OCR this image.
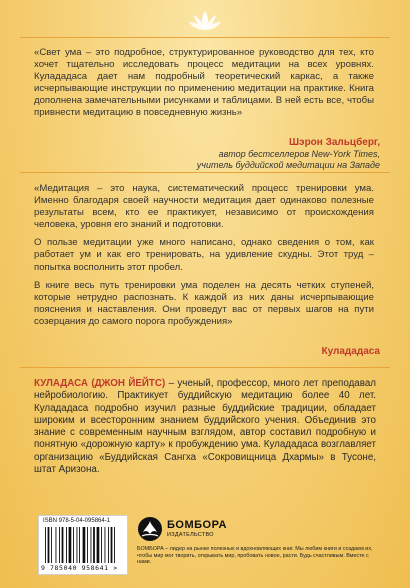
«Свет ума – это подробное, структурированное руководство для тех, кто хочет тщательно исследовать процесс медитации на всех уровнях. Кулададаса дает нам подробный теоретический каркас, а также исчерпывающие инструкции по применению медитации на практике. Книга дополнена замечательными рисунками и таблицами. В ней есть все, чтобы привнести медитацию в повседневную жизнь»

Шэрон Зальцберг,
автор бестселлеров New-York Times,
учитель буддийской медитации на Западе

«Медитация – это наука, систематический процесс тренировки ума. Именно благодаря своей научности медитация дает одинаково полезные результаты всем, кто ее практикует, независимо от происхождения человека, уровня его знаний и подготовки.

О пользе медитации уже много написано, однако сведения о том, как работает ум и как его тренировать, на удивление скудны. Этот труд – попытка восполнить этот пробел.

В книге весь путь тренировки ума поделен на десять четких ступеней, которые нетрудно распознать. К каждой из них даны исчерпывающие пояснения и наставления. Они проведут вас от первых шагов на пути созерцания до самого порога пробуждения»

Кулададаса
КУЛАДАСА (ДЖОН ЙЕЙТС) – ученый, профессор, много лет преподавал нейробиологию. Практикует буддийскую медитацию более 40 лет. Кулададаса подробно изучил разные буддийские традиции, обладает широким и всесторонним знанием буддийского учения. Объединив это знание с современным научным взглядом, автор составил подробную и понятную «дорожную карту» к пробуждению ума. Кулададаса возглавляет организацию «Буддийская Сангха «Сокровищница Дхармы» в Тусоне, штат Аризона.
ISBN 978-5-04-095864-1
9 785040 958641 >
БОМБОРА
ИЗДАТЕЛЬСТВО
БОМБОРА – лидер на рынке полезных и вдохновляющих книг. Мы любим книги и создаем их, чтобы мир мог творить, открывать мир, пробовать новое, расти. Будь счастливым. Вместе с нами.
